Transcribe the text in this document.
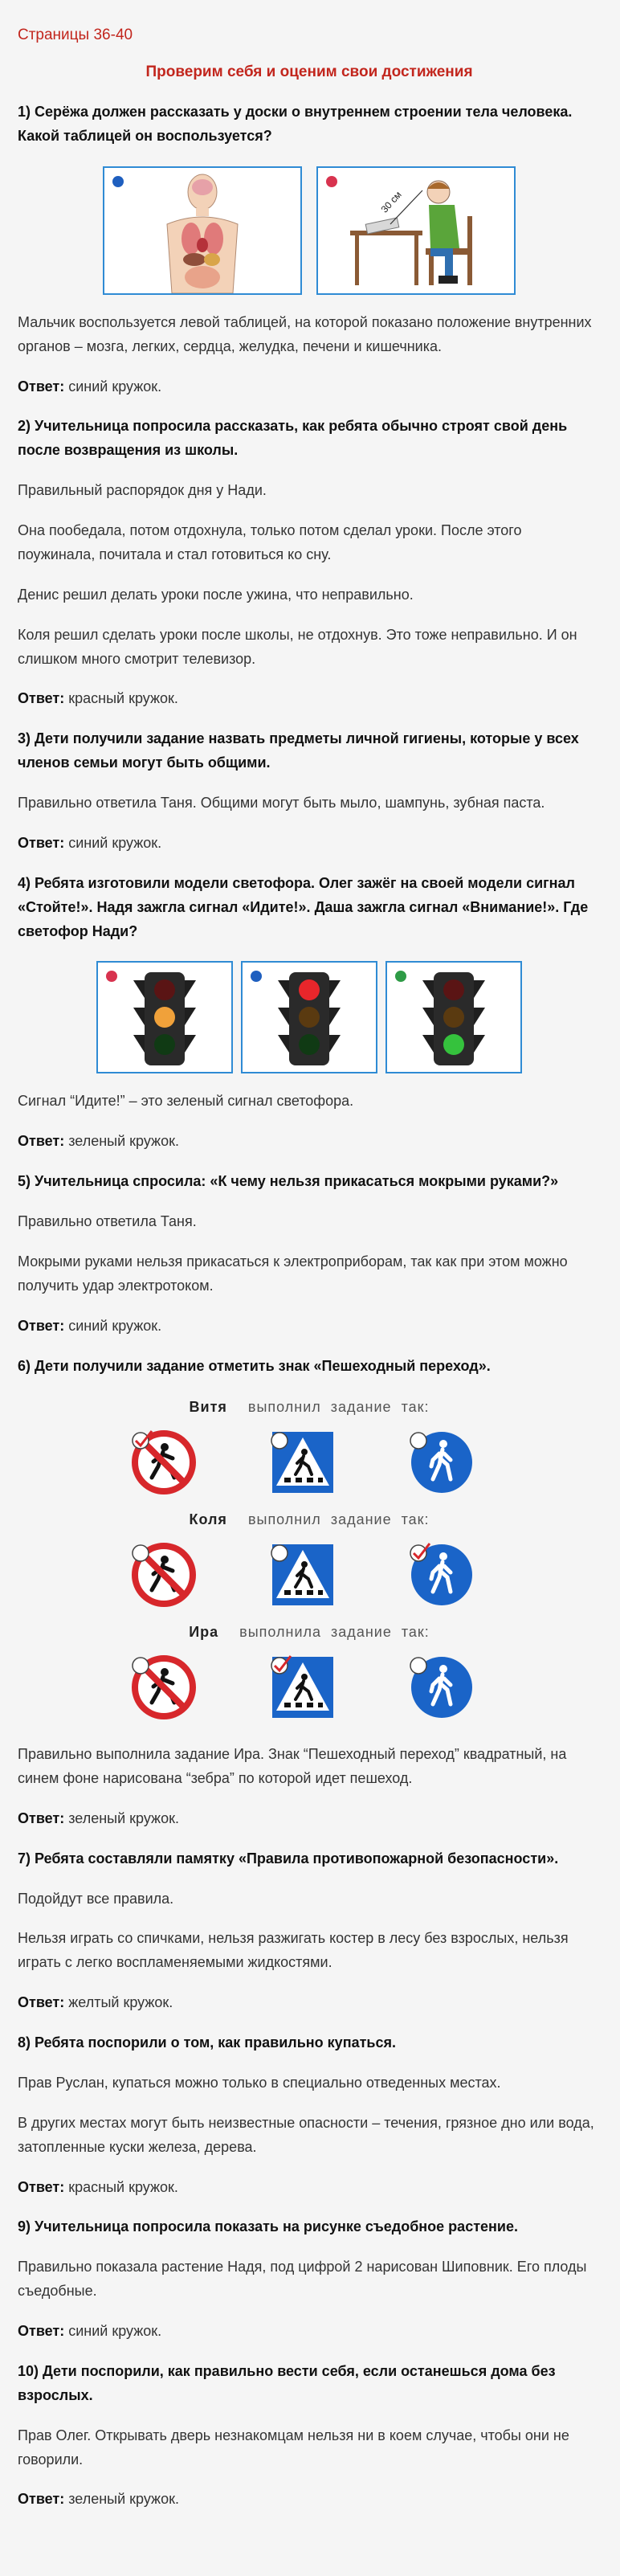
Страницы 36-40
Проверим себя и оценим свои достижения
1) Серёжа должен рассказать у доски о внутреннем строении тела человека. Какой таблицей он воспользуется?
30 см
Мальчик воспользуется левой таблицей, на которой показано положение внутренних органов – мозга, легких, сердца, желудка, печени и кишечника.
Ответ: синий кружок.
2) Учительница попросила рассказать, как ребята обычно строят свой день после возвращения из школы.
Правильный распорядок дня у Нади.
Она пообедала, потом отдохнула, только потом сделал уроки. После этого поужинала, почитала и стал готовиться ко сну.
Денис решил делать уроки после ужина, что неправильно.
Коля решил сделать уроки после школы, не отдохнув. Это тоже неправильно. И он слишком много смотрит телевизор.
Ответ: красный кружок.
3) Дети получили задание назвать предметы личной гигиены, которые у всех членов семьи могут быть общими.
Правильно ответила Таня. Общими могут быть мыло, шампунь, зубная паста.
Ответ: синий кружок.
4) Ребята изготовили модели светофора. Олег зажёг на своей модели сигнал «Стойте!». Надя зажгла сигнал «Идите!». Даша зажгла сигнал «Внимание!». Где светофор Нади?
Сигнал “Идите!” – это зеленый сигнал светофора.
Ответ: зеленый кружок.
5) Учительница спросила: «К чему нельзя прикасаться мокрыми руками?»
Правильно ответила Таня.
Мокрыми руками нельзя прикасаться к электроприборам, так как при этом можно получить удар электротоком.
Ответ: синий кружок.
6) Дети получили задание отметить знак «Пешеходный переход».
Витя выполнил задание так:
Коля выполнил задание так:
Ира выполнила задание так:
Правильно выполнила задание Ира. Знак “Пешеходный переход” квадратный, на синем фоне нарисована “зебра” по которой идет пешеход.
Ответ: зеленый кружок.
7) Ребята составляли памятку «Правила противопожарной безопасности».
Подойдут все правила.
Нельзя играть со спичками, нельзя разжигать костер в лесу без взрослых, нельзя играть с легко воспламеняемыми жидкостями.
Ответ: желтый кружок.
8) Ребята поспорили о том, как правильно купаться.
Прав Руслан, купаться можно только в специально отведенных местах.
В других местах могут быть неизвестные опасности – течения, грязное дно или вода, затопленные куски железа, дерева.
Ответ: красный кружок.
9) Учительница попросила показать на рисунке съедобное растение.
Правильно показала растение Надя, под цифрой 2 нарисован Шиповник. Его плоды съедобные.
Ответ: синий кружок.
10) Дети поспорили, как правильно вести себя, если останешься дома без взрослых.
Прав Олег. Открывать дверь незнакомцам нельзя ни в коем случае, чтобы они не говорили.
Ответ: зеленый кружок.
